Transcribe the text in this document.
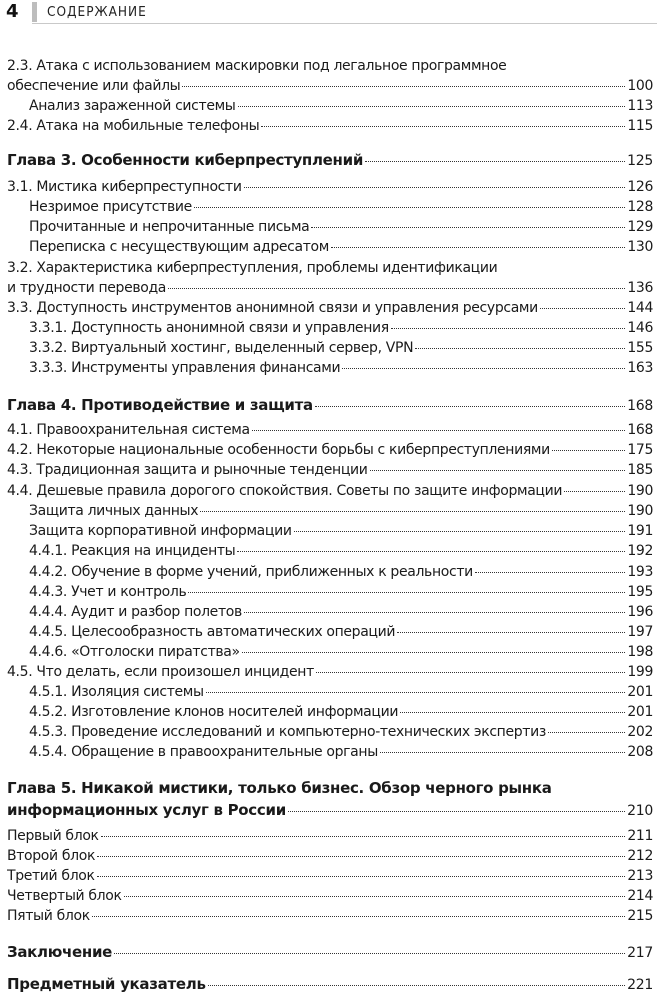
4 СОДЕРЖАНИЕ
2.3. Атака с использованием маскировки под легальное программное
обеспечение или файлы	100
Анализ зараженной системы	113
2.4. Атака на мобильные телефоны	115
Глава 3. Особенности киберпреступлений	125
3.1. Мистика киберпреступности	126
Незримое присутствие	128
Прочитанные и непрочитанные письма	129
Переписка с несуществующим адресатом	130
3.2. Характеристика киберпреступления, проблемы идентификации
и трудности перевода	136
3.3. Доступность инструментов анонимной связи и управления ресурсами	144
3.3.1. Доступность анонимной связи и управления	146
3.3.2. Виртуальный хостинг, выделенный сервер, VPN	155
3.3.3. Инструменты управления финансами	163
Глава 4. Противодействие и защита	168
4.1. Правоохранительная система	168
4.2. Некоторые национальные особенности борьбы с киберпреступлениями	175
4.3. Традиционная защита и рыночные тенденции	185
4.4. Дешевые правила дорогого спокойствия. Советы по защите информации	190
Защита личных данных	190
Защита корпоративной информации	191
4.4.1. Реакция на инциденты	192
4.4.2. Обучение в форме учений, приближенных к реальности	193
4.4.3. Учет и контроль	195
4.4.4. Аудит и разбор полетов	196
4.4.5. Целесообразность автоматических операций	197
4.4.6. «Отголоски пиратства»	198
4.5. Что делать, если произошел инцидент	199
4.5.1. Изоляция системы	201
4.5.2. Изготовление клонов носителей информации	201
4.5.3. Проведение исследований и компьютерно-технических экспертиз	202
4.5.4. Обращение в правоохранительные органы	208
Глава 5. Никакой мистики, только бизнес. Обзор черного рынка
информационных услуг в России	210
Первый блок	211
Второй блок	212
Третий блок	213
Четвертый блок	214
Пятый блок	215
Заключение	217
Предметный указатель	221
